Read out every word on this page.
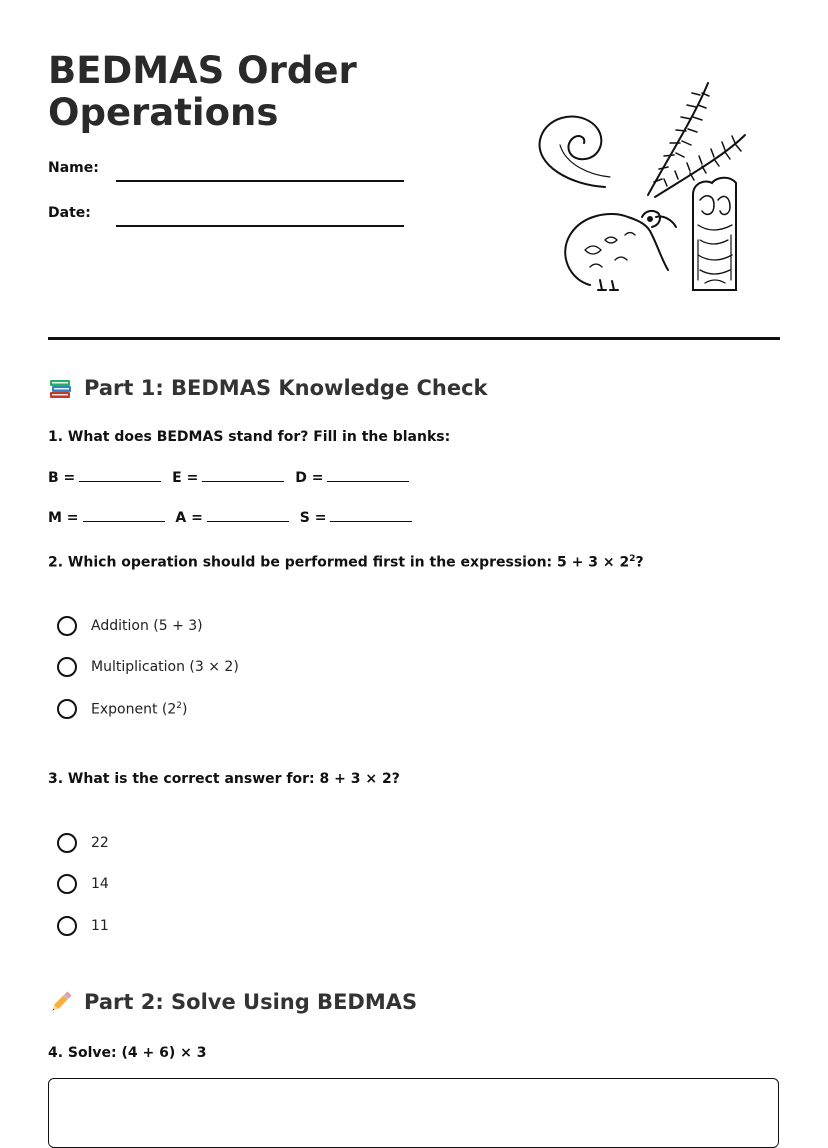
BEDMAS Order Operations
Name:
Date:
Part 1: BEDMAS Knowledge Check
1. What does BEDMAS stand for? Fill in the blanks:
B =	E =	D =
M =	A =	S =
2. Which operation should be performed first in the expression: $5 + 3 \times 2^2$?
Addition (5 + 3)
Multiplication (3 × 2)
Exponent $(2^2)$
3. What is the correct answer for: 8 + 3 × 2?
22
14
11
Part 2: Solve Using BEDMAS
4. Solve: (4 + 6) × 3
